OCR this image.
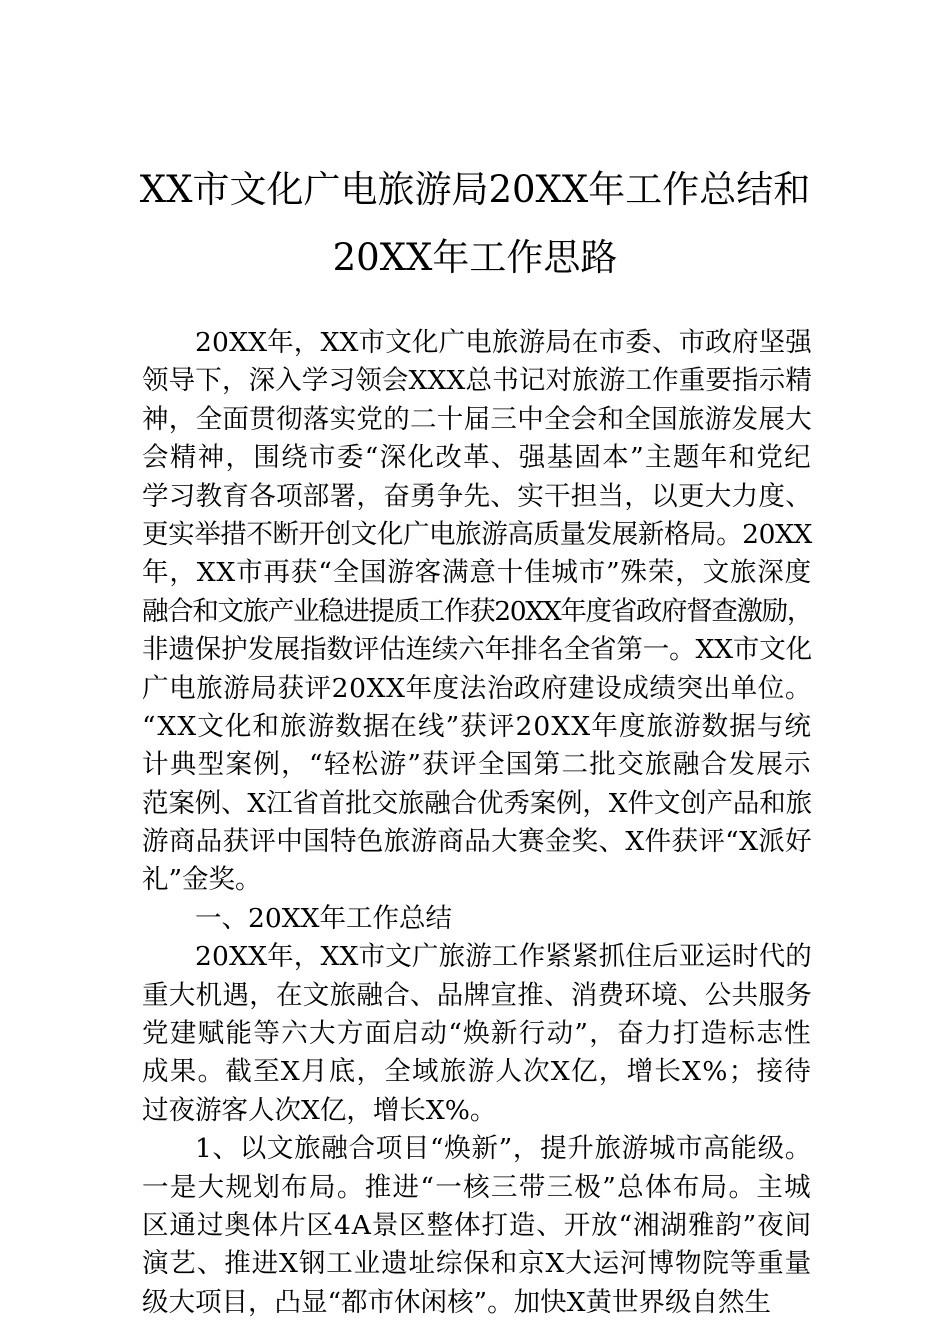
XX市文化广电旅游局20XX年工作总结和
20XX年工作思路
20XX年，XX市文化广电旅游局在市委、市政府坚强
领导下，深入学习领会XXX总书记对旅游工作重要指示精
神，全面贯彻落实党的二十届三中全会和全国旅游发展大
会精神，围绕市委“深化改革、强基固本”主题年和党纪
学习教育各项部署，奋勇争先、实干担当，以更大力度、
更实举措不断开创文化广电旅游高质量发展新格局。20XX
年，XX市再获“全国游客满意十佳城市”殊荣，文旅深度
融合和文旅产业稳进提质工作获20XX年度省政府督查激励，
非遗保护发展指数评估连续六年排名全省第一。XX市文化
广电旅游局获评20XX年度法治政府建设成绩突出单位。
“XX文化和旅游数据在线”获评20XX年度旅游数据与统
计典型案例，“轻松游”获评全国第二批交旅融合发展示
范案例、X江省首批交旅融合优秀案例，X件文创产品和旅
游商品获评中国特色旅游商品大赛金奖、X件获评“X派好
礼”金奖。
一、20XX年工作总结
20XX年，XX市文广旅游工作紧紧抓住后亚运时代的
重大机遇，在文旅融合、品牌宣推、消费环境、公共服务
党建赋能等六大方面启动“焕新行动”，奋力打造标志性
成果。截至X月底，全域旅游人次X亿，增长X%；接待
过夜游客人次X亿，增长X%。
1、以文旅融合项目“焕新”，提升旅游城市高能级。
一是大规划布局。推进“一核三带三极”总体布局。主城
区通过奥体片区4A景区整体打造、开放“湘湖雅韵”夜间
演艺、推进X钢工业遗址综保和京X大运河博物院等重量
级大项目，凸显“都市休闲核”。加快X黄世界级自然生
